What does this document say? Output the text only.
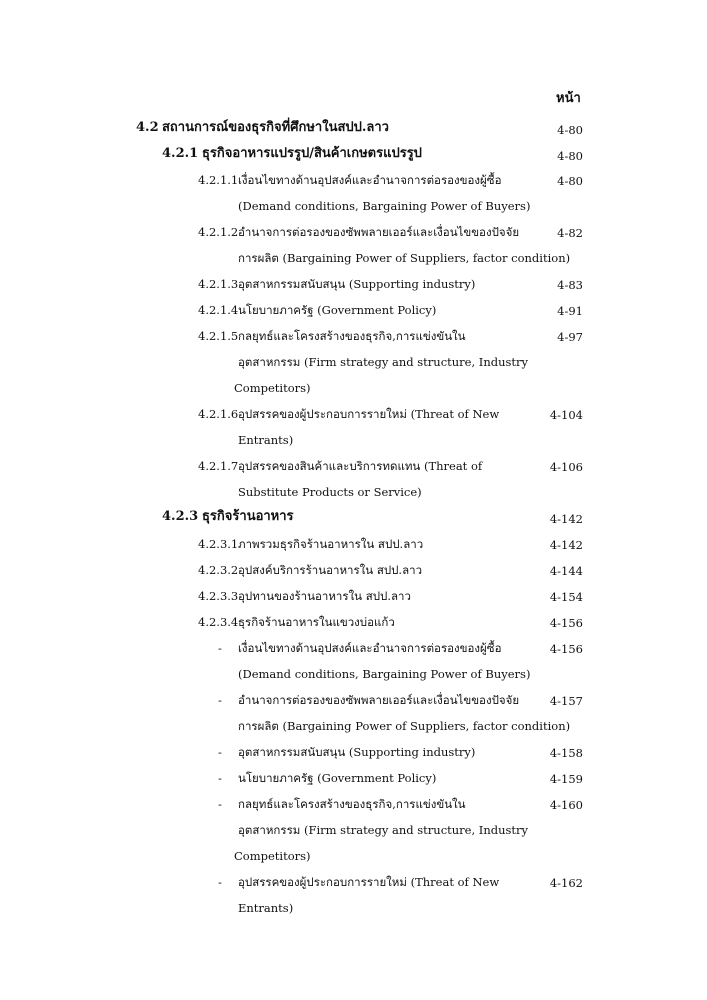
หน้า
4.2 สถานการณ์ของธุรกิจที่ศึกษาในสปป.ลาว	4-80
4.2.1 ธุรกิจอาหารแปรรูป/สินค้าเกษตรแปรรูป	4-80
4.2.1.1 เงื่อนไขทางด้านอุปสงค์และอำนาจการต่อรองของผู้ซื้อ	4-80
(Demand conditions, Bargaining Power of Buyers)
4.2.1.2 อำนาจการต่อรองของซัพพลายเออร์และเงื่อนไขของปัจจัย	4-82
การผลิต (Bargaining Power of Suppliers, factor condition)
4.2.1.3 อุตสาหกรรมสนับสนุน (Supporting industry)	4-83
4.2.1.4 นโยบายภาครัฐ (Government Policy)	4-91
4.2.1.5 กลยุทธ์และโครงสร้างของธุรกิจ,การแข่งขันใน	4-97
อุตสาหกรรม (Firm strategy and structure, Industry
Competitors)
4.2.1.6 อุปสรรคของผู้ประกอบการรายใหม่ (Threat of New	4-104
Entrants)
4.2.1.7 อุปสรรคของสินค้าและบริการทดแทน (Threat of	4-106
Substitute Products or Service)
4.2.3 ธุรกิจร้านอาหาร	4-142
4.2.3.1 ภาพรวมธุรกิจร้านอาหารใน สปป.ลาว	4-142
4.2.3.2 อุปสงค์บริการร้านอาหารใน สปป.ลาว	4-144
4.2.3.3 อุปทานของร้านอาหารใน สปป.ลาว	4-154
4.2.3.4 ธุรกิจร้านอาหารในแขวงบ่อแก้ว	4-156
- เงื่อนไขทางด้านอุปสงค์และอำนาจการต่อรองของผู้ซื้อ	4-156
(Demand conditions, Bargaining Power of Buyers)
- อำนาจการต่อรองของซัพพลายเออร์และเงื่อนไขของปัจจัย	4-157
การผลิต (Bargaining Power of Suppliers, factor condition)
- อุตสาหกรรมสนับสนุน (Supporting industry)	4-158
- นโยบายภาครัฐ (Government Policy)	4-159
- กลยุทธ์และโครงสร้างของธุรกิจ,การแข่งขันใน	4-160
อุตสาหกรรม (Firm strategy and structure, Industry
Competitors)
- อุปสรรคของผู้ประกอบการรายใหม่ (Threat of New	4-162
Entrants)
